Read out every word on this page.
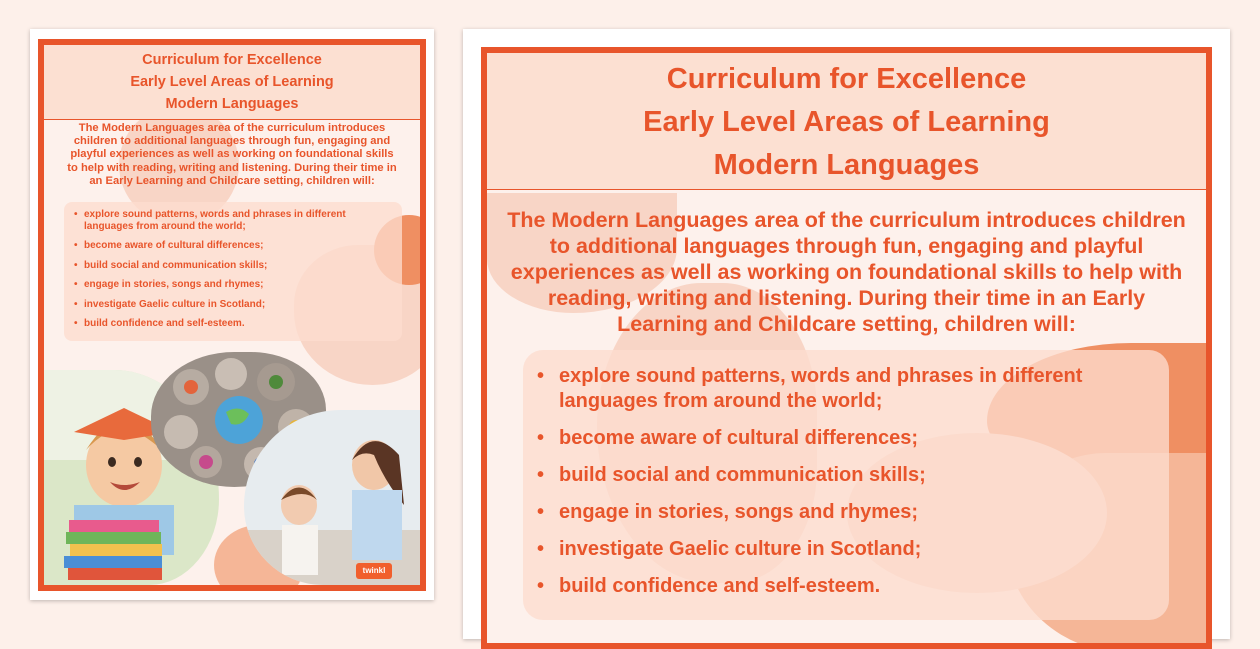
Curriculum for Excellence
Early Level Areas of Learning
Modern Languages
The Modern Languages area of the curriculum introduces children to additional languages through fun, engaging and playful experiences as well as working on foundational skills to help with reading, writing and listening. During their time in an Early Learning and Childcare setting, children will:
• explore sound patterns, words and phrases in different languages from around the world;
• become aware of cultural differences;
• build social and communication skills;
• engage in stories, songs and rhymes;
• investigate Gaelic culture in Scotland;
• build confidence and self-esteem.
twinkl
Curriculum for Excellence
Early Level Areas of Learning
Modern Languages
The Modern Languages area of the curriculum introduces children to additional languages through fun, engaging and playful experiences as well as working on foundational skills to help with reading, writing and listening. During their time in an Early Learning and Childcare setting, children will:
• explore sound patterns, words and phrases in different languages from around the world;
• become aware of cultural differences;
• build social and communication skills;
• engage in stories, songs and rhymes;
• investigate Gaelic culture in Scotland;
• build confidence and self-esteem.
